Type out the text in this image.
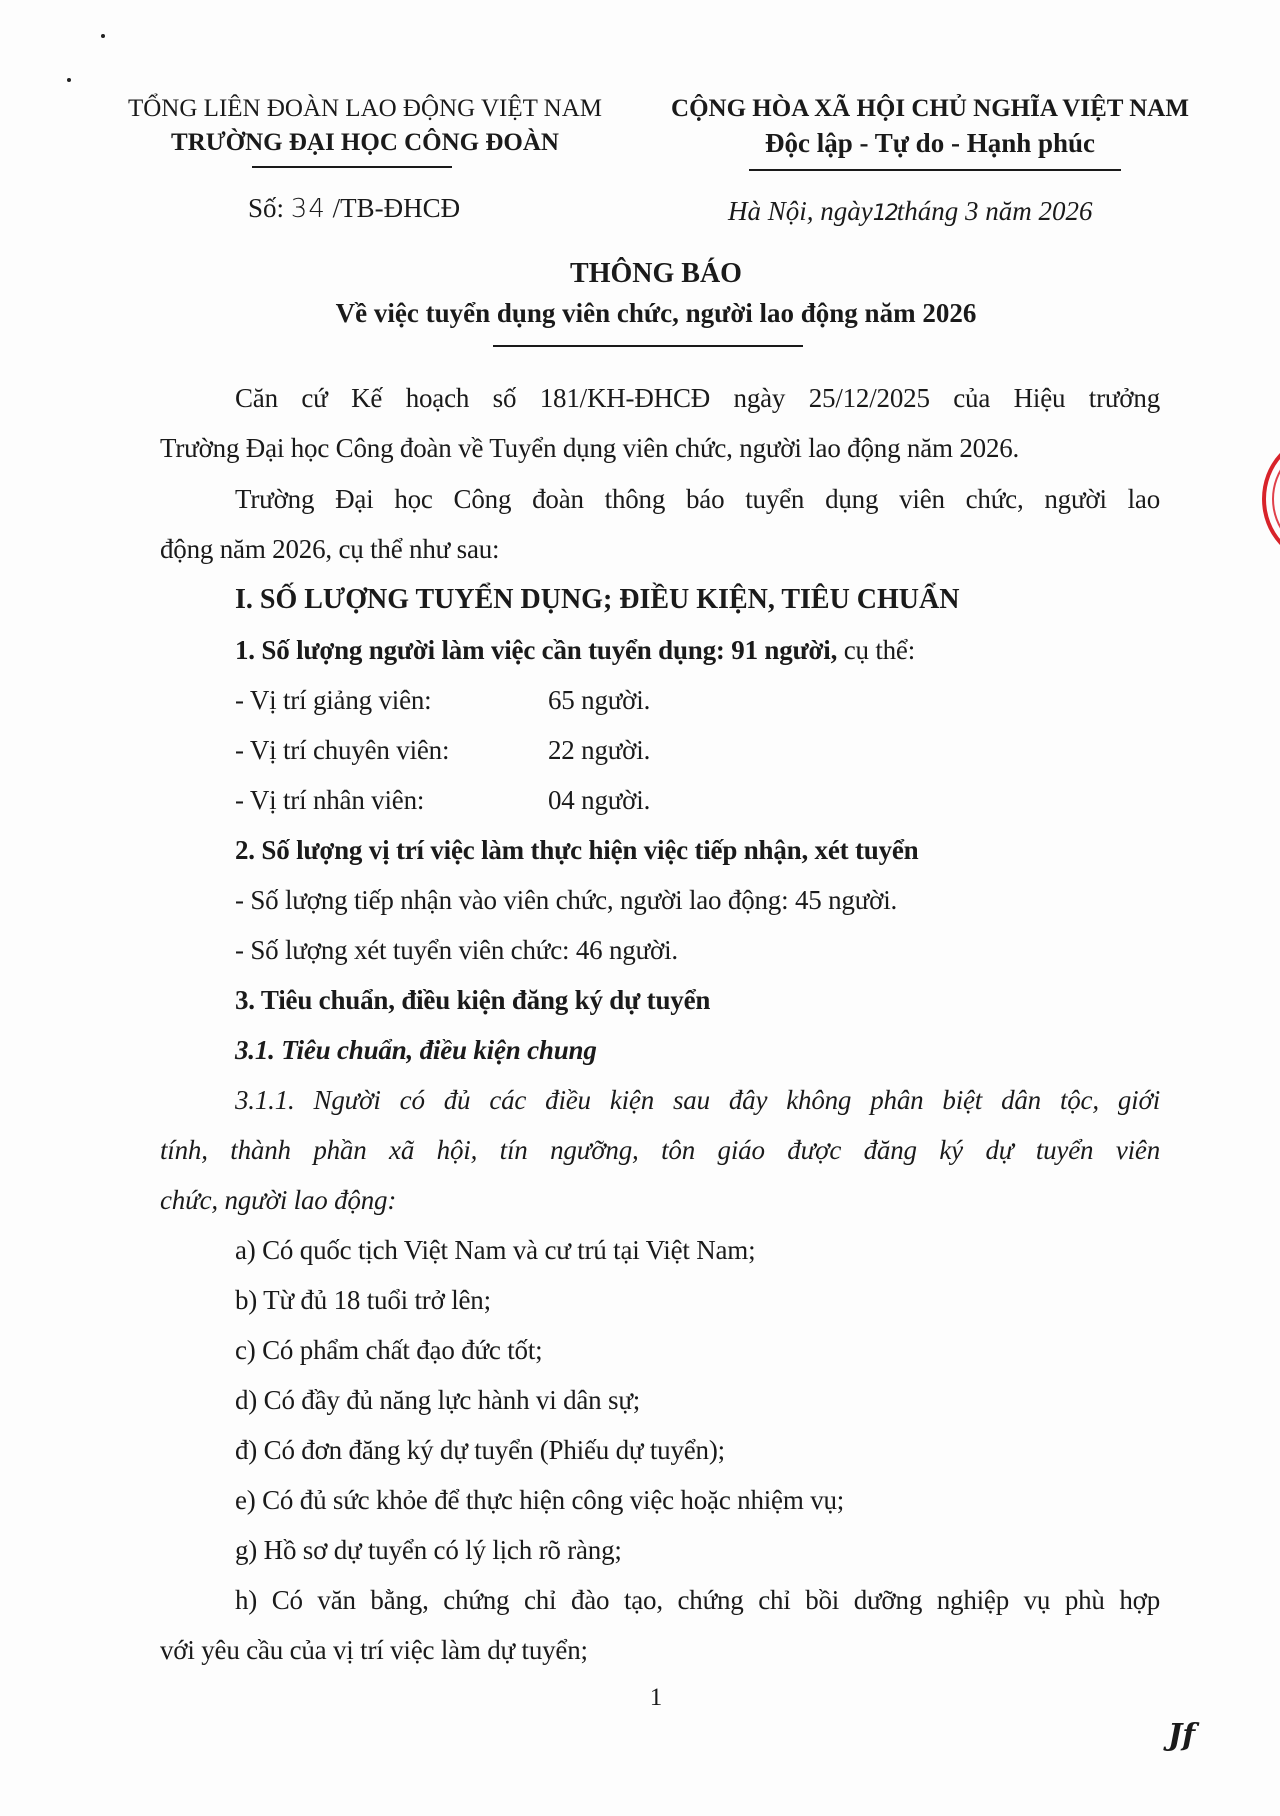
TỔNG LIÊN ĐOÀN LAO ĐỘNG VIỆT NAM
TRƯỜNG ĐẠI HỌC CÔNG ĐOÀN
Số: 34 /TB-ĐHCĐ
CỘNG HÒA XÃ HỘI CHỦ NGHĨA VIỆT NAM
Độc lập - Tự do - Hạnh phúc
Hà Nội, ngày12tháng 3 năm 2026
THÔNG BÁO
Về việc tuyển dụng viên chức, người lao động năm 2026
Căn cứ Kế hoạch số 181/KH-ĐHCĐ ngày 25/12/2025 của Hiệu trưởng
Trường Đại học Công đoàn về Tuyển dụng viên chức, người lao động năm 2026.
Trường Đại học Công đoàn thông báo tuyển dụng viên chức, người lao
động năm 2026, cụ thể như sau:
I. SỐ LƯỢNG TUYỂN DỤNG; ĐIỀU KIỆN, TIÊU CHUẨN
1. Số lượng người làm việc cần tuyển dụng: 91 người, cụ thể:
- Vị trí giảng viên:	65 người.
- Vị trí chuyên viên:	22 người.
- Vị trí nhân viên:	04 người.
2. Số lượng vị trí việc làm thực hiện việc tiếp nhận, xét tuyển
- Số lượng tiếp nhận vào viên chức, người lao động: 45 người.
- Số lượng xét tuyển viên chức: 46 người.
3. Tiêu chuẩn, điều kiện đăng ký dự tuyển
3.1. Tiêu chuẩn, điều kiện chung
3.1.1. Người có đủ các điều kiện sau đây không phân biệt dân tộc, giới
tính, thành phần xã hội, tín ngưỡng, tôn giáo được đăng ký dự tuyển viên
chức, người lao động:
a) Có quốc tịch Việt Nam và cư trú tại Việt Nam;
b) Từ đủ 18 tuổi trở lên;
c) Có phẩm chất đạo đức tốt;
d) Có đầy đủ năng lực hành vi dân sự;
đ) Có đơn đăng ký dự tuyển (Phiếu dự tuyển);
e) Có đủ sức khỏe để thực hiện công việc hoặc nhiệm vụ;
g) Hồ sơ dự tuyển có lý lịch rõ ràng;
h) Có văn bằng, chứng chỉ đào tạo, chứng chỉ bồi dưỡng nghiệp vụ phù hợp
với yêu cầu của vị trí việc làm dự tuyển;
1
Jf
